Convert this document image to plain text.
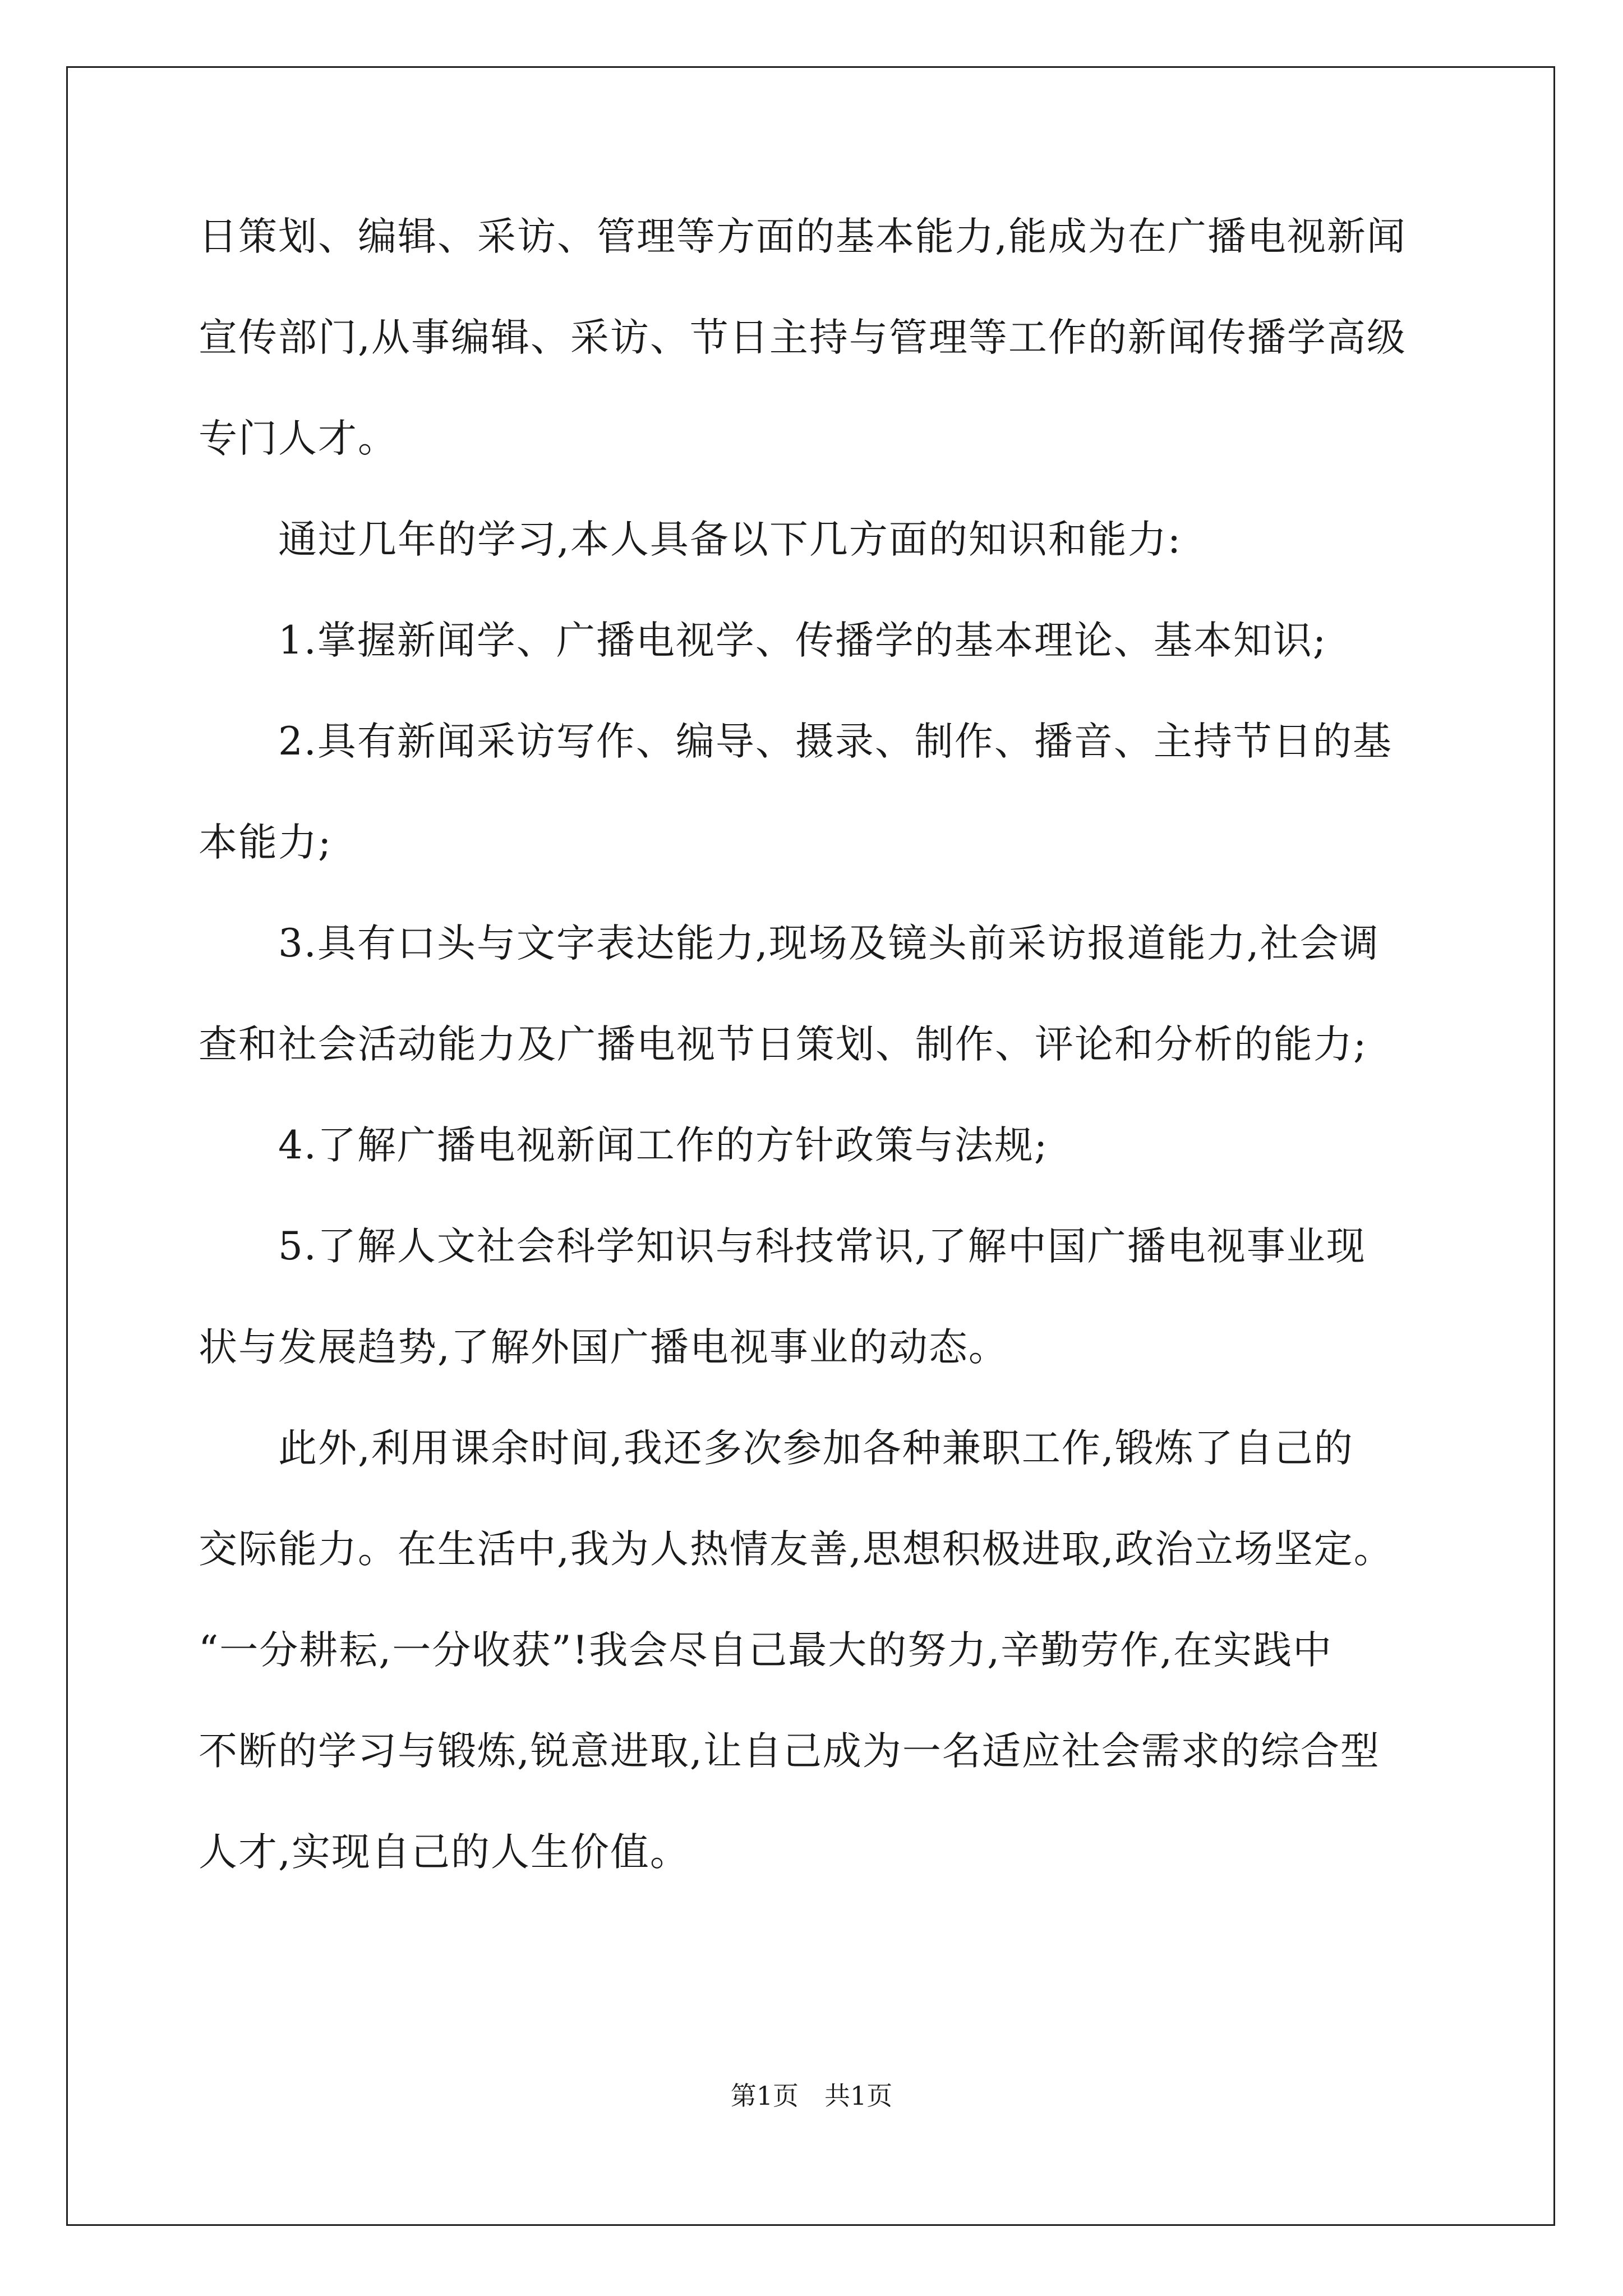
日策划、编辑、采访、管理等方面的基本能力,能成为在广播电视新闻
宣传部门,从事编辑、采访、节日主持与管理等工作的新闻传播学高级
专门人才。
　　通过几年的学习,本人具备以下几方面的知识和能力:
　　1.掌握新闻学、广播电视学、传播学的基本理论、基本知识;
　　2.具有新闻采访写作、编导、摄录、制作、播音、主持节日的基
本能力;
　　3.具有口头与文字表达能力,现场及镜头前采访报道能力,社会调
查和社会活动能力及广播电视节日策划、制作、评论和分析的能力;
　　4.了解广播电视新闻工作的方针政策与法规;
　　5.了解人文社会科学知识与科技常识,了解中国广播电视事业现
状与发展趋势,了解外国广播电视事业的动态。
　　此外,利用课余时间,我还多次参加各种兼职工作,锻炼了自己的
交际能力。在生活中,我为人热情友善,思想积极进取,政治立场坚定。
“一分耕耘,一分收获”!我会尽自己最大的努力,辛勤劳作,在实践中
不断的学习与锻炼,锐意进取,让自己成为一名适应社会需求的综合型
人才,实现自己的人生价值。
第1页　共1页
